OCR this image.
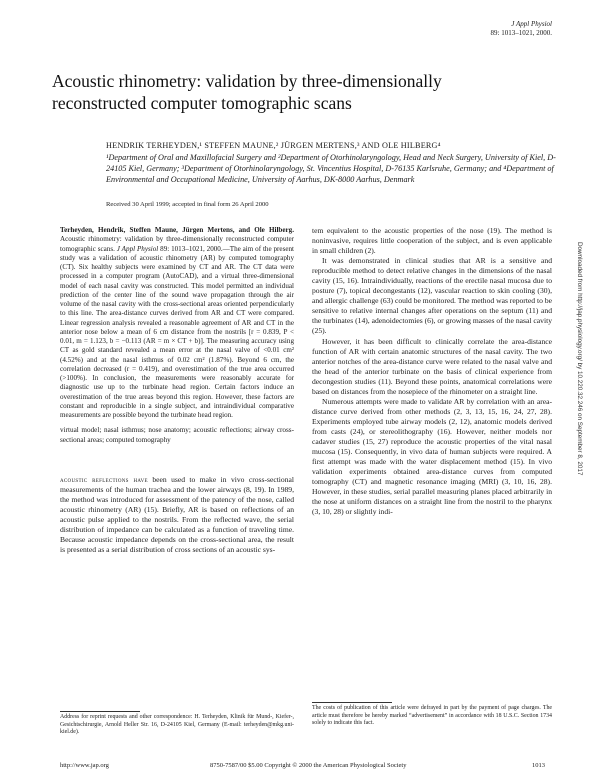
J Appl Physiol
89: 1013–1021, 2000.
Acoustic rhinometry: validation by three-dimensionally reconstructed computer tomographic scans
HENDRIK TERHEYDEN,¹ STEFFEN MAUNE,² JÜRGEN MERTENS,³ AND OLE HILBERG⁴
¹Department of Oral and Maxillofacial Surgery and ²Department of Otorhinolaryngology, Head and Neck Surgery, University of Kiel, D-24105 Kiel, Germany; ³Department of Otorhinolaryngology, St. Vincentius Hospital, D-76135 Karlsruhe, Germany; and ⁴Department of Environmental and Occupational Medicine, University of Aarhus, DK-8000 Aarhus, Denmark
Received 30 April 1999; accepted in final form 26 April 2000
Terheyden, Hendrik, Steffen Maune, Jürgen Mertens, and Ole Hilberg. Acoustic rhinometry: validation by three-dimensionally reconstructed computer tomographic scans. J Appl Physiol 89: 1013–1021, 2000.—The aim of the present study was a validation of acoustic rhinometry (AR) by computed tomography (CT). Six healthy subjects were examined by CT and AR. The CT data were processed in a computer program (AutoCAD), and a virtual three-dimensional model of each nasal cavity was constructed. This model permitted an individual prediction of the center line of the sound wave propagation through the air volume of the nasal cavity with the cross-sectional areas oriented perpendicularly to this line. The area-distance curves derived from AR and CT were compared. Linear regression analysis revealed a reasonable agreement of AR and CT in the anterior nose below a mean of 6 cm distance from the nostrils [r = 0.839, P < 0.01, m = 1.123, b = −0.113 (AR = m × CT + b)]. The measuring accuracy using CT as gold standard revealed a mean error at the nasal valve of <0.01 cm² (4.52%) and at the nasal isthmus of 0.02 cm² (1.87%). Beyond 6 cm, the correlation decreased (r = 0.419), and overestimation of the true area occurred (>100%). In conclusion, the measurements were reasonably accurate for diagnostic use up to the turbinate head region. Certain factors induce an overestimation of the true areas beyond this region. However, these factors are constant and reproducible in a single subject, and intraindividual comparative measurements are possible beyond the turbinate head region.
virtual model; nasal isthmus; nose anatomy; acoustic reflections; airway cross-sectional areas; computed tomography

acoustic reflections have been used to make in vivo cross-sectional measurements of the human trachea and the lower airways (8, 19). In 1989, the method was introduced for assessment of the patency of the nose, called acoustic rhinometry (AR) (15). Briefly, AR is based on reflections of an acoustic pulse applied to the nostrils. From the reflected wave, the serial distribution of impedance can be calculated as a function of traveling time. Because acoustic impedance depends on the cross-sectional area, the result is presented as a serial distribution of cross sections of an acoustic sys-

tem equivalent to the acoustic properties of the nose (19). The method is noninvasive, requires little cooperation of the subject, and is even applicable in small children (2).

It was demonstrated in clinical studies that AR is a sensitive and reproducible method to detect relative changes in the dimensions of the nasal cavity (15, 16). Intraindividually, reactions of the erectile nasal mucosa due to posture (7), topical decongestants (12), vascular reaction to skin cooling (30), and allergic challenge (63) could be monitored. The method was reported to be sensitive to relative internal changes after operations on the septum (11) and the turbinates (14), adenoidectomies (6), or growing masses of the nasal cavity (25).

However, it has been difficult to clinically correlate the area-distance function of AR with certain anatomic structures of the nasal cavity. The two anterior notches of the area-distance curve were related to the nasal valve and the head of the anterior turbinate on the basis of clinical experience from decongestion studies (11). Beyond these points, anatomical correlations were based on distances from the nosepiece of the rhinometer on a straight line.

Numerous attempts were made to validate AR by correlation with an area-distance curve derived from other methods (2, 3, 13, 15, 16, 24, 27, 28). Experiments employed tube airway models (2, 12), anatomic models derived from casts (24), or stereolithography (16). However, neither models nor cadaver studies (15, 27) reproduce the acoustic properties of the vital nasal mucosa (15). Consequently, in vivo data of human subjects were required. A first attempt was made with the water displacement method (15). In vivo validation experiments obtained area-distance curves from computed tomography (CT) and magnetic resonance imaging (MRI) (3, 10, 16, 28). However, in these studies, serial parallel measuring planes placed arbitrarily in the nose at uniform distances on a straight line from the nostril to the pharynx (3, 10, 28) or slightly indi-

Address for reprint requests and other correspondence: H. Terheyden, Klinik für Mund-, Kiefer-, Gesichtschirurgie, Arnold Heller Str. 16, D-24105 Kiel, Germany (E-mail: terheyden@mkg.uni-kiel.de).
The costs of publication of this article were defrayed in part by the payment of page charges. The article must therefore be hereby marked “advertisement” in accordance with 18 U.S.C. Section 1734 solely to indicate this fact.
http://www.jap.org	8750-7587/00 $5.00 Copyright © 2000 the American Physiological Society	1013
Downloaded from http://jap.physiology.org/ by 10.220.32.246 on September 8, 2017
